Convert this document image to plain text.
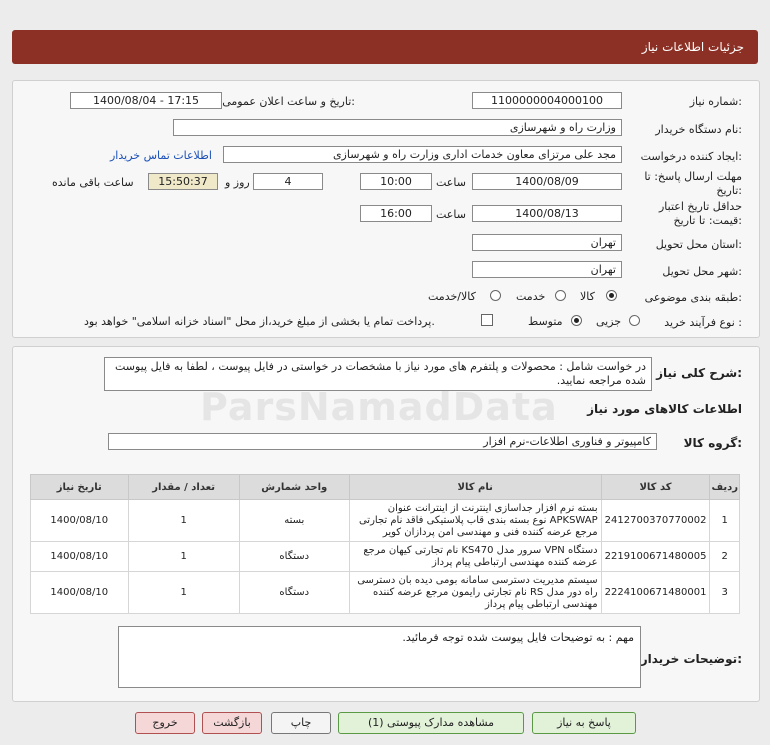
جزئیات اطلاعات نیاز
شماره نیاز:
1100000004000100
تاریخ و ساعت اعلان عمومی:
1400/08/04 - 17:15
نام دستگاه خریدار:
وزارت راه و شهرسازی
ایجاد کننده درخواست:
مجد علی مرتزای معاون خدمات اداری وزارت راه و شهرسازی
اطلاعات تماس خریدار
مهلت ارسال پاسخ: تا تاریخ:
1400/08/09
ساعت
10:00
4
روز و
15:50:37
ساعت باقی مانده
حداقل تاریخ اعتبار قیمت: تا تاریخ:
1400/08/13
ساعت
16:00
استان محل تحویل:
تهران
شهر محل تحویل:
تهران
طبقه بندی موضوعی:
کالا
خدمت
کالا/خدمت
نوع فرآیند خرید :
جزیی
متوسط
پرداخت تمام یا بخشی از مبلغ خرید،از محل "اسناد خزانه اسلامی" خواهد بود.
شرح کلی نیاز:
در خواست شامل : محصولات و پلتفرم های مورد نیاز با مشخصات در خواستی در فایل پیوست ، لطفا به فایل پیوست شده مراجعه نمایید.
اطلاعات کالاهای مورد نیاز
گروه کالا:
کامپیوتر و فناوری اطلاعات-نرم افزار
ردیف	کد کالا	نام کالا	واحد شمارش	تعداد / مقدار	تاریخ نیاز
1	2412700370770002	بسته نرم افزار جداسازی اینترنت از اینترانت عنوان APKSWAP نوع بسته بندی قاب پلاستیکی فاقد نام تجارتی مرجع عرضه کننده فنی و مهندسی امن پردازان کویر	بسته	1	1400/08/10
2	2219100671480005	دستگاه VPN سرور مدل KS470 نام تجارتی کیهان مرجع عرضه کننده مهندسی ارتباطی پیام پرداز	دستگاه	1	1400/08/10
3	2224100671480001	سیستم مدیریت دسترسی سامانه بومی دیده بان دسترسی راه دور مدل RS نام تجارتی رایمون مرجع عرضه کننده مهندسی ارتباطی پیام پرداز	دستگاه	1	1400/08/10
توضیحات خریدار:
مهم : به توضیحات فایل پیوست شده توجه فرمائید.
پاسخ به نیاز
مشاهده مدارک پیوستی (1)
چاپ
بازگشت
خروج
